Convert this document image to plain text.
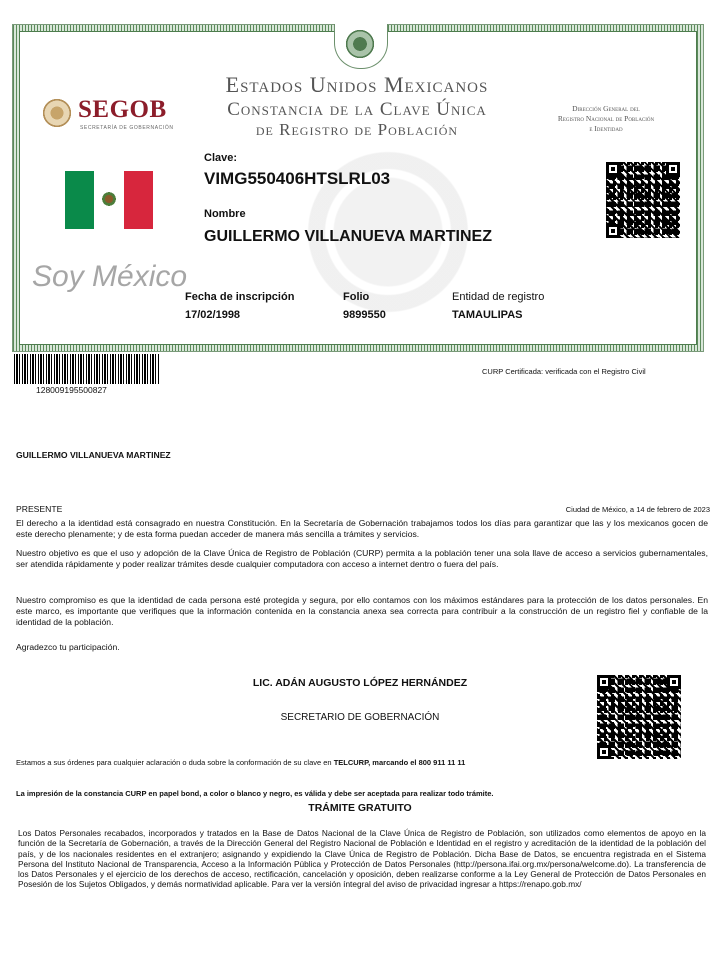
Estados Unidos Mexicanos
Constancia de la Clave Única
de Registro de Población
Dirección General del
Registro Nacional de Población
e Identidad
SEGOB
SECRETARÍA DE GOBERNACIÓN
Soy México
Clave:
VIMG550406HTSLRL03
Nombre
GUILLERMO VILLANUEVA MARTINEZ
Fecha de inscripción
17/02/1998
Folio
9899550
Entidad de registro
TAMAULIPAS
128009195500827
CURP Certificada: verificada con el Registro Civil
GUILLERMO VILLANUEVA MARTINEZ
PRESENTE	Ciudad de México, a 14 de febrero de 2023
El derecho a la identidad está consagrado en nuestra Constitución. En la Secretaría de Gobernación trabajamos todos los días para garantizar que las y los mexicanos gocen de este derecho plenamente; y de esta forma puedan acceder de manera más sencilla a trámites y servicios.
Nuestro objetivo es que el uso y adopción de la Clave Única de Registro de Población (CURP) permita a la población tener una sola llave de acceso a servicios gubernamentales, ser atendida rápidamente y poder realizar trámites desde cualquier computadora con acceso a internet dentro o fuera del país.
Nuestro compromiso es que la identidad de cada persona esté protegida y segura, por ello contamos con los máximos estándares para la protección de los datos personales. En este marco, es importante que verifiques que la información contenida en la constancia anexa sea correcta para contribuir a la construcción de un registro fiel y confiable de la identidad de la población.
Agradezco tu participación.
LIC. ADÁN AUGUSTO LÓPEZ HERNÁNDEZ
SECRETARIO DE GOBERNACIÓN
Estamos a sus órdenes para cualquier aclaración o duda sobre la conformación de su clave en TELCURP, marcando el 800 911 11 11
La impresión de la constancia CURP en papel bond, a color o blanco y negro, es válida y debe ser aceptada para realizar todo trámite.
TRÁMITE GRATUITO
Los Datos Personales recabados, incorporados y tratados en la Base de Datos Nacional de la Clave Única de Registro de Población, son utilizados como elementos de apoyo en la función de la Secretaría de Gobernación, a través de la Dirección General del Registro Nacional de Población e Identidad en el registro y acreditación de la identidad de la población del país, y de los nacionales residentes en el extranjero; asignando y expidiendo la Clave Única de Registro de Población. Dicha Base de Datos, se encuentra registrada en el Sistema Persona del Instituto Nacional de Transparencia, Acceso a la Información Pública y Protección de Datos Personales (http://persona.ifai.org.mx/persona/welcome.do). La transferencia de los Datos Personales y el ejercicio de los derechos de acceso, rectificación, cancelación y oposición, deben realizarse conforme a la Ley General de Protección de Datos Personales en Posesión de los Sujetos Obligados, y demás normatividad aplicable. Para ver la versión íntegral del aviso de privacidad ingresar a https://renapo.gob.mx/
